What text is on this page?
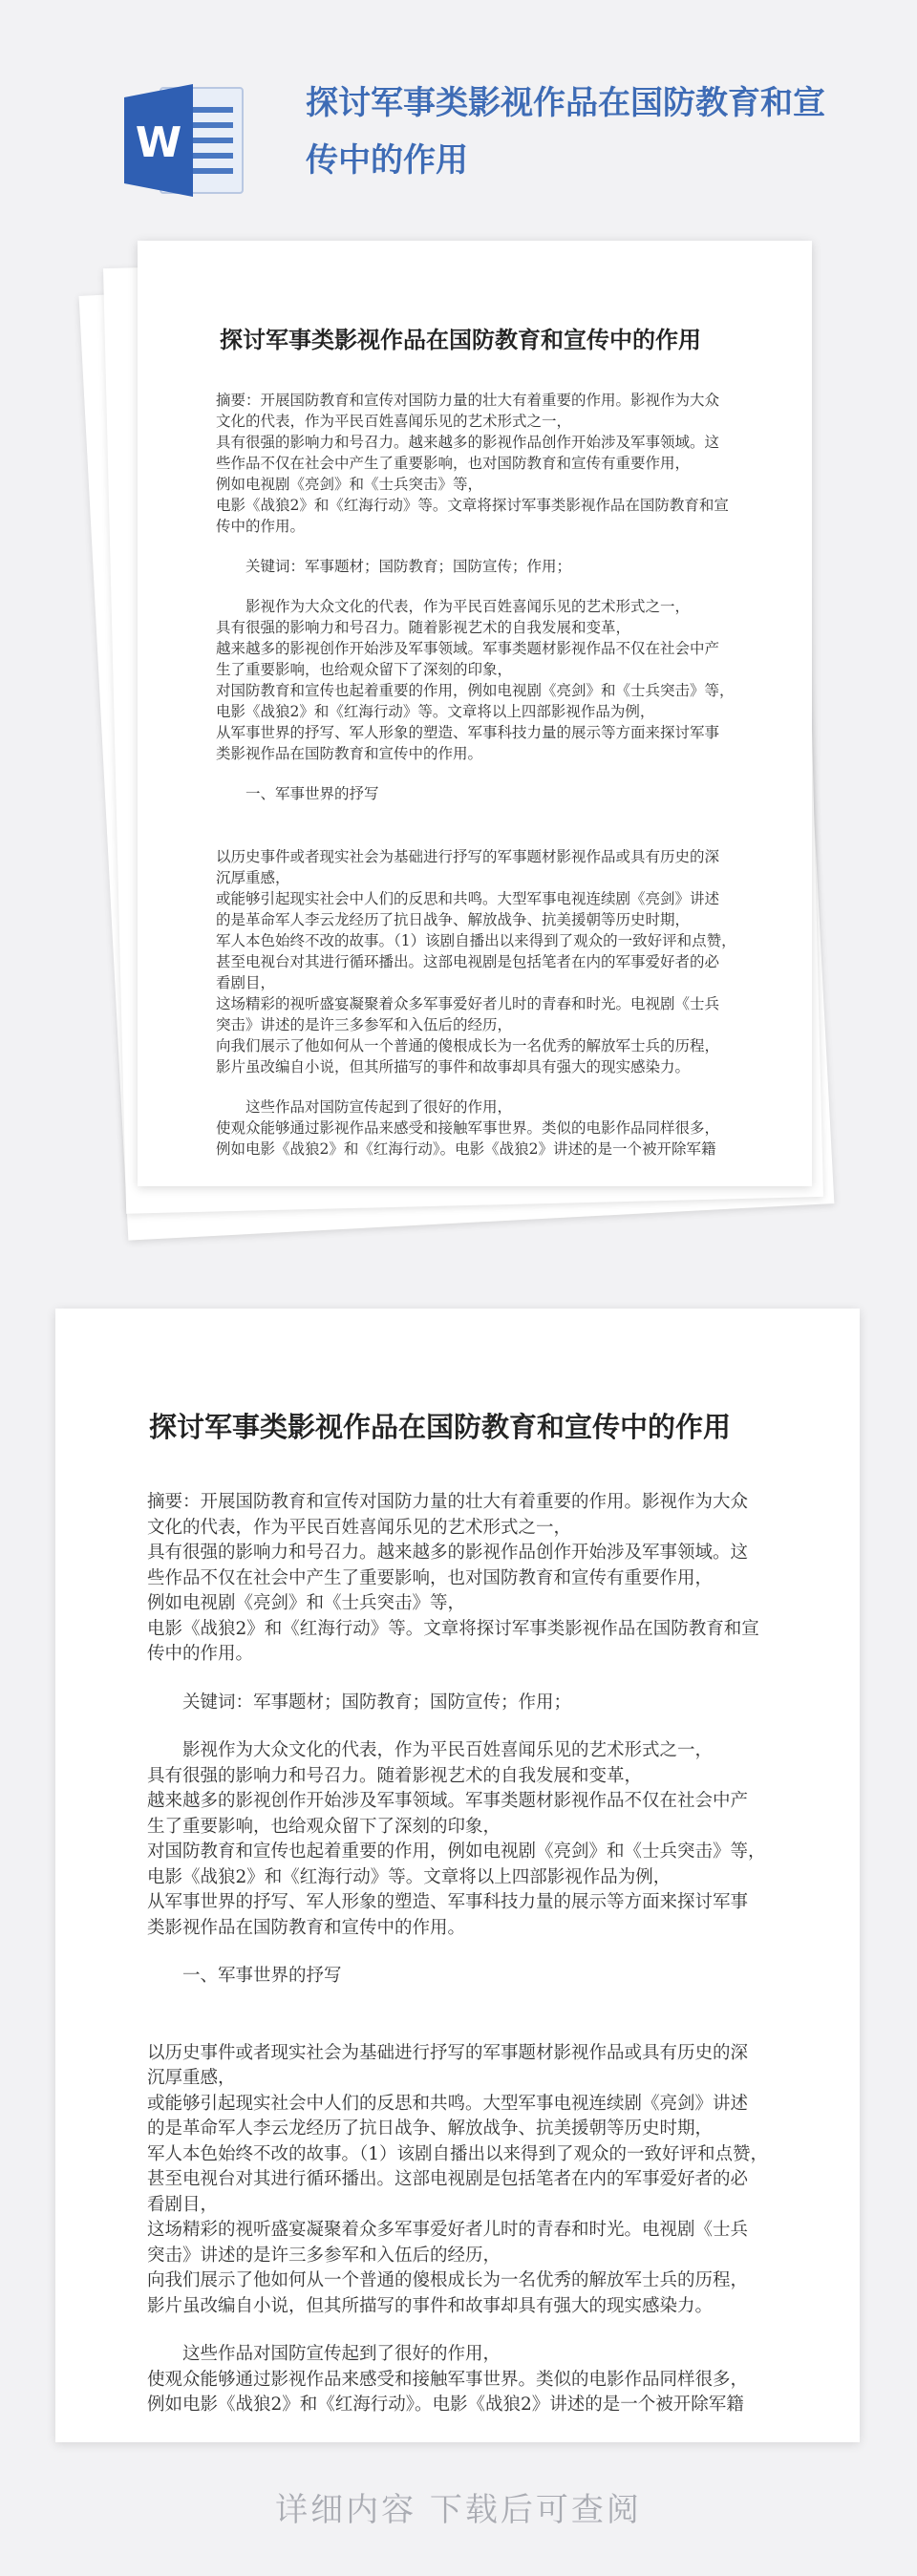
W
探讨军事类影视作品在国防教育和宣传中的作用
探讨军事类影视作品在国防教育和宣传中的作用

摘要：开展国防教育和宣传对国防力量的壮大有着重要的作用。影视作为大众

文化的代表，作为平民百姓喜闻乐见的艺术形式之一，

具有很强的影响力和号召力。越来越多的影视作品创作开始涉及军事领域。这

些作品不仅在社会中产生了重要影响，也对国防教育和宣传有重要作用，

例如电视剧《亮剑》和《士兵突击》等，

电影《战狼2》和《红海行动》等。文章将探讨军事类影视作品在国防教育和宣

传中的作用。

关键词：军事题材；国防教育；国防宣传；作用；

影视作为大众文化的代表，作为平民百姓喜闻乐见的艺术形式之一，

具有很强的影响力和号召力。随着影视艺术的自我发展和变革，

越来越多的影视创作开始涉及军事领域。军事类题材影视作品不仅在社会中产

生了重要影响，也给观众留下了深刻的印象，

对国防教育和宣传也起着重要的作用，例如电视剧《亮剑》和《士兵突击》等，

电影《战狼2》和《红海行动》等。文章将以上四部影视作品为例，

从军事世界的抒写、军人形象的塑造、军事科技力量的展示等方面来探讨军事

类影视作品在国防教育和宣传中的作用。

一、军事世界的抒写

以历史事件或者现实社会为基础进行抒写的军事题材影视作品或具有历史的深

沉厚重感，

或能够引起现实社会中人们的反思和共鸣。大型军事电视连续剧《亮剑》讲述

的是革命军人李云龙经历了抗日战争、解放战争、抗美援朝等历史时期，

军人本色始终不改的故事。（1）该剧自播出以来得到了观众的一致好评和点赞，

甚至电视台对其进行循环播出。这部电视剧是包括笔者在内的军事爱好者的必

看剧目，

这场精彩的视听盛宴凝聚着众多军事爱好者儿时的青春和时光。电视剧《士兵

突击》讲述的是许三多参军和入伍后的经历，

向我们展示了他如何从一个普通的傻根成长为一名优秀的解放军士兵的历程，

影片虽改编自小说，但其所描写的事件和故事却具有强大的现实感染力。

这些作品对国防宣传起到了很好的作用，

使观众能够通过影视作品来感受和接触军事世界。类似的电影作品同样很多，

例如电影《战狼2》和《红海行动》。电影《战狼2》讲述的是一个被开除军籍

探讨军事类影视作品在国防教育和宣传中的作用

摘要：开展国防教育和宣传对国防力量的壮大有着重要的作用。影视作为大众

文化的代表，作为平民百姓喜闻乐见的艺术形式之一，

具有很强的影响力和号召力。越来越多的影视作品创作开始涉及军事领域。这

些作品不仅在社会中产生了重要影响，也对国防教育和宣传有重要作用，

例如电视剧《亮剑》和《士兵突击》等，

电影《战狼2》和《红海行动》等。文章将探讨军事类影视作品在国防教育和宣

传中的作用。

关键词：军事题材；国防教育；国防宣传；作用；

影视作为大众文化的代表，作为平民百姓喜闻乐见的艺术形式之一，

具有很强的影响力和号召力。随着影视艺术的自我发展和变革，

越来越多的影视创作开始涉及军事领域。军事类题材影视作品不仅在社会中产

生了重要影响，也给观众留下了深刻的印象，

对国防教育和宣传也起着重要的作用，例如电视剧《亮剑》和《士兵突击》等，

电影《战狼2》和《红海行动》等。文章将以上四部影视作品为例，

从军事世界的抒写、军人形象的塑造、军事科技力量的展示等方面来探讨军事

类影视作品在国防教育和宣传中的作用。

一、军事世界的抒写

以历史事件或者现实社会为基础进行抒写的军事题材影视作品或具有历史的深

沉厚重感，

或能够引起现实社会中人们的反思和共鸣。大型军事电视连续剧《亮剑》讲述

的是革命军人李云龙经历了抗日战争、解放战争、抗美援朝等历史时期，

军人本色始终不改的故事。（1）该剧自播出以来得到了观众的一致好评和点赞，

甚至电视台对其进行循环播出。这部电视剧是包括笔者在内的军事爱好者的必

看剧目，

这场精彩的视听盛宴凝聚着众多军事爱好者儿时的青春和时光。电视剧《士兵

突击》讲述的是许三多参军和入伍后的经历，

向我们展示了他如何从一个普通的傻根成长为一名优秀的解放军士兵的历程，

影片虽改编自小说，但其所描写的事件和故事却具有强大的现实感染力。

这些作品对国防宣传起到了很好的作用，

使观众能够通过影视作品来感受和接触军事世界。类似的电影作品同样很多，

例如电影《战狼2》和《红海行动》。电影《战狼2》讲述的是一个被开除军籍

详细内容 下载后可查阅
